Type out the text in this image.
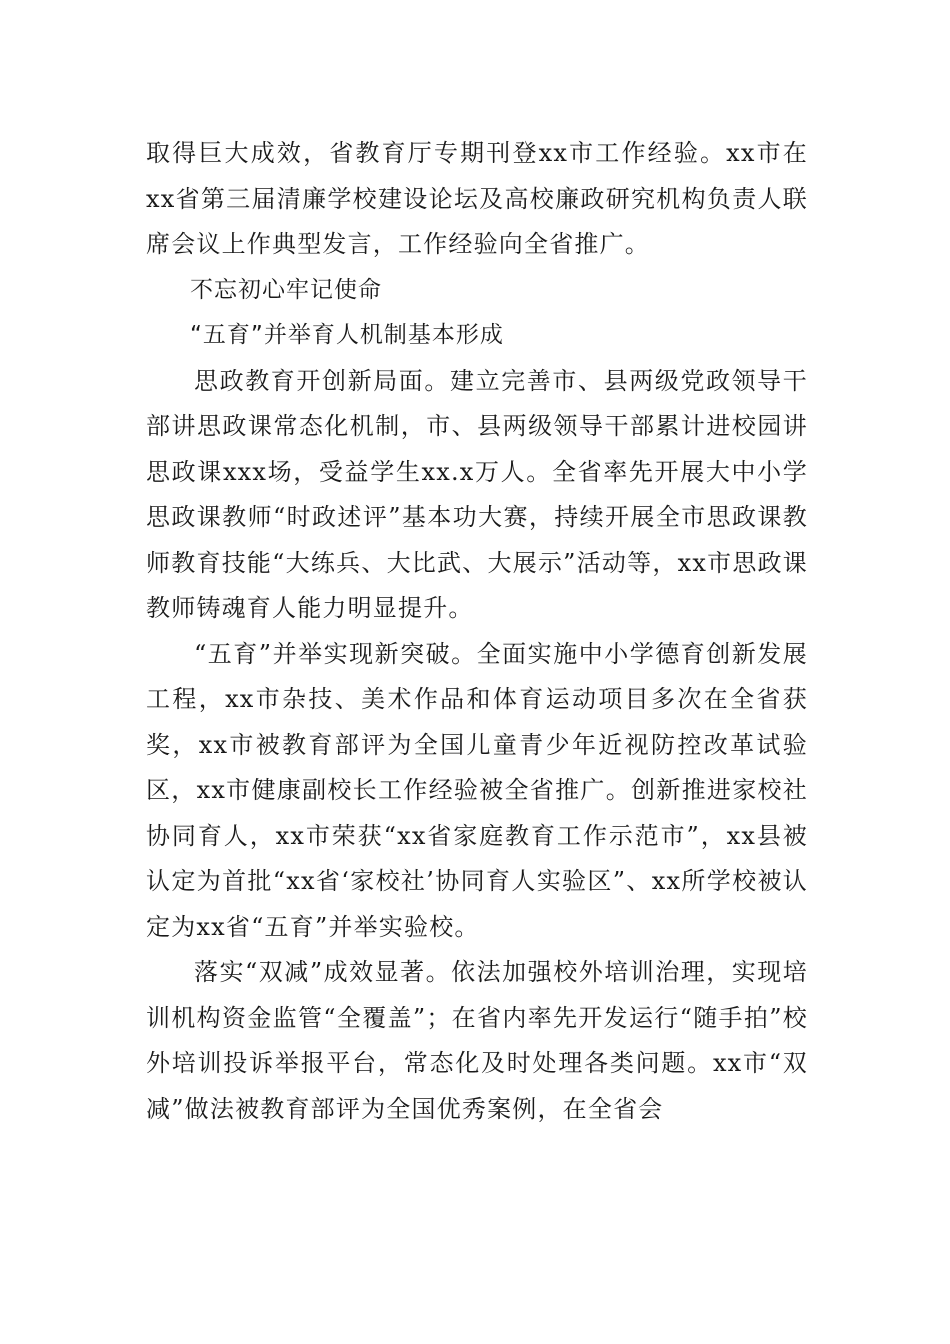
取得巨大成效，省教育厅专期刊登xx市工作经验。xx市在xx省第三届清廉学校建设论坛及高校廉政研究机构负责人联席会议上作典型发言，工作经验向全省推广。

不忘初心牢记使命

“五育”并举育人机制基本形成

思政教育开创新局面。建立完善市、县两级党政领导干部讲思政课常态化机制，市、县两级领导干部累计进校园讲思政课xxx场，受益学生xx.x万人。全省率先开展大中小学思政课教师“时政述评”基本功大赛，持续开展全市思政课教师教育技能“大练兵、大比武、大展示”活动等，xx市思政课教师铸魂育人能力明显提升。

“五育”并举实现新突破。全面实施中小学德育创新发展工程，xx市杂技、美术作品和体育运动项目多次在全省获奖，xx市被教育部评为全国儿童青少年近视防控改革试验区，xx市健康副校长工作经验被全省推广。创新推进家校社协同育人，xx市荣获“xx省家庭教育工作示范市”，xx县被认定为首批“xx省‘家校社’协同育人实验区”、xx所学校被认定为xx省“五育”并举实验校。

落实“双减”成效显著。依法加强校外培训治理，实现培训机构资金监管“全覆盖”；在省内率先开发运行“随手拍”校外培训投诉举报平台，常态化及时处理各类问题。xx市“双减”做法被教育部评为全国优秀案例，在全省会
